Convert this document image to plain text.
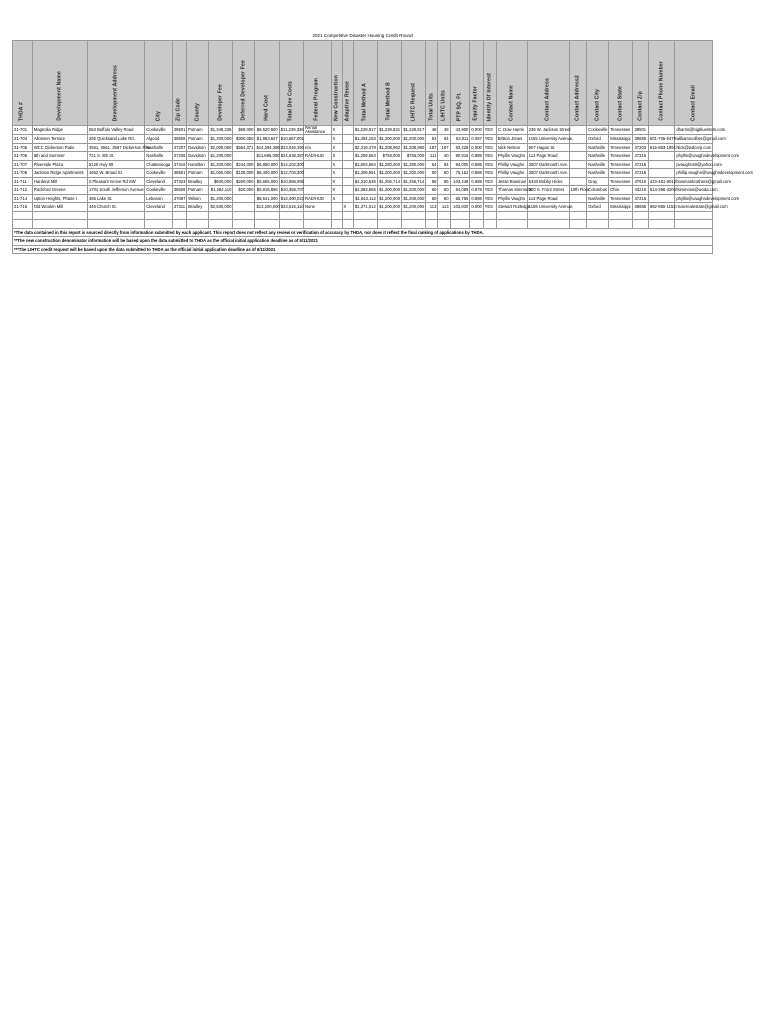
2021 Competitive Disaster Housing Credit Round
THDA #	Development Name	Development Address	City	Zip Code	County	Developer Fee	Deferred Developer Fee	Hard Cost	Total Dev Costs	Federal Program	New Construction	Adaptive Reuse	Total Method A	Total Method B	LIHTC Request	Total Units	LIHTC Units	PTP SQ. Ft.	Equity Factor	Identity Of Interest	Contact Name	Contact Address	Contact Address2	Contact City	Contact State	Contact Zip	Contact Phone Number	Contact Email

21-701	Magnolia Ridge	553 Buffalo Valley Road	Cookeville	38501	Putnam	$1,349,236	$68,000	$6,620,600	$11,239,336	Rental Assistance	X		$1,229,817	$1,239,831	$1,229,817	48	48	43,900	0.000	YES	C. Dow Harris	236 W. Jackson Street		Cookeville	Tennessee	38501		dharris@bigblueriters.com
21-704	Allonsen Terrace	256 Quicksand Lake Rd.	Algood	38506	Putnam	$1,200,000	$300,000	$1,963,647	$10,667,001		X		$1,454,153	$1,200,000	$1,200,000	64	64	63,011	0.087	YES	Britton Jones	1155 University Avenue,		Oxford	Mississippi	38655	601-706-6478	williamscolber@gmail.com
21-705	WCC Dickerson Patio	3551, 3561, 3567 Dickerson Pike	Nashville	37207	Davidson	$2,000,050	$554,371	$14,294,396	$23,046,390	n/a	X		$2,319,478	$1,208,962	$1,208,960	187	187	83,429	0.000	YES	Nick Nelson	507 Hagan St.		Nashville	Tennessee	37203	615-883-1891	Nick@wdcorp.com
21-706	8th and Summer	721 S. 8th St.	Nashville	37206	Davidson	$1,200,000		$11,695,000	$24,638,387	RAD/HUD	X		$1,259,563	$756,000	$755,000	111	40	90,816	0.888	YES	Phyllis Vaughn	113 Page Road		Nashville	Tennessee	37216		phyllis@vaughndevelopment.com
21-707	Riverside Plaza	5120 Hwy 58	Chattanooga	37416	Hamilton	$1,200,000	$244,000	$6,850,000	$14,102,300		X		$1,603,563	$1,280,000	$1,280,000	64	64	84,000	0.885	YES	Phillip Vaughn	3507 Dartmouth Ave.		Nashville	Tennessee	37215		pvaughn40@yahoo.com
21-708	Jackson Ridge Apartments	1652 W. Broad St.	Cookeville	38501	Putnam	$1,000,000	$128,000	$8,400,000	$12,703,300		X		$1,309,651	$1,200,000	$1,200,000	60	60	75,162	0.888	YES	Phillip Vaughn	3507 Dartmouth Ave.		Nashville	Tennessee	37215		phillip.vaughn@vaughndevelopment.com
21-711	Hardens Mill	0 Pleasant Grove Rd SW	Cleveland	37323	Bradley	$600,000	$260,000	$5,605,000	$10,686,995		X		$1,310,635	$1,256,714	$1,256,714	86	86	103,448	0.888	YES	Jesse Bowman	6333 Bobby Hicks		Gray	Tennessee	37615	423-461-8012	bowmanbrothers@gmail.com
21-712	Rockford Greene	1701 South Jefferson Avenue	Cookeville	38506	Putnam	$1,284,110	$20,000	$5,816,896	$10,358,707		X		$1,383,865	$1,200,000	$1,200,000	60	60	54,089	0.878	YES	Thomas Simmons	500 S. Front Street	10th Floor	Columbus	Ohio	43215	614-396-3200	tsimmons@woda.com
21-714	Upton Heights, Phase I	455 Lake St.	Lebanon	37087	Wilson	$1,200,000		$8,641,000	$14,490,022	RAD/HUD	X		$1,643,112	$1,200,000	$1,200,000	60	60	65,765	0.888	YES	Phyllis Vaughn	113 Page Road		Nashville	Tennessee	37216		phyllis@vaughndevelopment.com
21-715	Old Woolen Mill	445 Church St.	Cleveland	37311	Bradley	$2,500,000		$13,200,000	$23,615,110	None		X	$1,371,512	$1,200,000	$1,200,000	113	113	103,830	0.000	YES	Stewart Rutledge	1155 University Avenue,		Oxford	Mississippi	38655	662-655-1152	rruserealestate@gmail.com

*The data contained in this report is sourced directly from information submitted by each applicant. This report does not reflect any review or verification of accuracy by THDA, nor does it reflect the final ranking of applications by THDA.																												
**The new construction denominator information will be based upon the data submitted to THDA as the official initial application deadline as of 6/11/2021																												
***The LIHTC credit request will be based upon the data submitted to THDA as the official initial application deadline as of 6/11/2021																												
